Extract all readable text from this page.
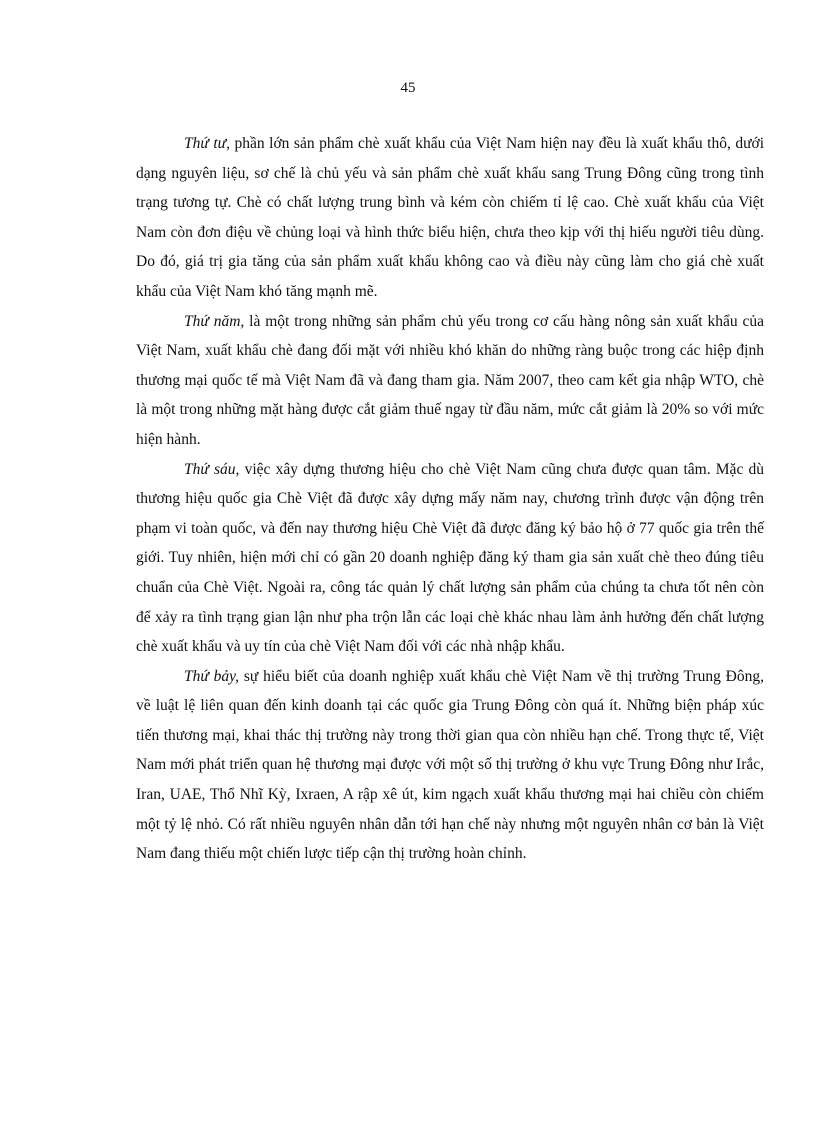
45

Thứ tư, phần lớn sản phẩm chè xuất khẩu của Việt Nam hiện nay đều là xuất khẩu thô, dưới dạng nguyên liệu, sơ chế là chủ yếu và sản phẩm chè xuất khẩu sang Trung Đông cũng trong tình trạng tương tự. Chè có chất lượng trung bình và kém còn chiếm tỉ lệ cao. Chè xuất khẩu của Việt Nam còn đơn điệu về chủng loại và hình thức biểu hiện, chưa theo kịp với thị hiếu người tiêu dùng. Do đó, giá trị gia tăng của sản phẩm xuất khẩu không cao và điều này cũng làm cho giá chè xuất khẩu của Việt Nam khó tăng mạnh mẽ.

Thứ năm, là một trong những sản phẩm chủ yếu trong cơ cấu hàng nông sản xuất khẩu của Việt Nam, xuất khẩu chè đang đối mặt với nhiều khó khăn do những ràng buộc trong các hiệp định thương mại quốc tế mà Việt Nam đã và đang tham gia. Năm 2007, theo cam kết gia nhập WTO, chè là một trong những mặt hàng được cắt giảm thuế ngay từ đầu năm, mức cắt giảm là 20% so với mức hiện hành.

Thứ sáu, việc xây dựng thương hiệu cho chè Việt Nam cũng chưa được quan tâm. Mặc dù thương hiệu quốc gia Chè Việt đã được xây dựng mấy năm nay, chương trình được vận động trên phạm vi toàn quốc, và đến nay thương hiệu Chè Việt đã được đăng ký bảo hộ ở 77 quốc gia trên thế giới. Tuy nhiên, hiện mới chỉ có gần 20 doanh nghiệp đăng ký tham gia sản xuất chè theo đúng tiêu chuẩn của Chè Việt. Ngoài ra, công tác quản lý chất lượng sản phẩm của chúng ta chưa tốt nên còn để xảy ra tình trạng gian lận như pha trộn lẫn các loại chè khác nhau làm ảnh hưởng đến chất lượng chè xuất khẩu và uy tín của chè Việt Nam đối với các nhà nhập khẩu.

Thứ bảy, sự hiểu biết của doanh nghiệp xuất khẩu chè Việt Nam về thị trường Trung Đông, về luật lệ liên quan đến kinh doanh tại các quốc gia Trung Đông còn quá ít. Những biện pháp xúc tiến thương mại, khai thác thị trường này trong thời gian qua còn nhiều hạn chế. Trong thực tế, Việt Nam mới phát triển quan hệ thương mại được với một số thị trường ở khu vực Trung Đông như Irắc, Iran, UAE, Thổ Nhĩ Kỳ, Ixraen, A rập xê út, kim ngạch xuất khẩu thương mại hai chiều còn chiếm một tỷ lệ nhỏ. Có rất nhiều nguyên nhân dẫn tới hạn chế này nhưng một nguyên nhân cơ bản là Việt Nam đang thiếu một chiến lược tiếp cận thị trường hoàn chỉnh.
